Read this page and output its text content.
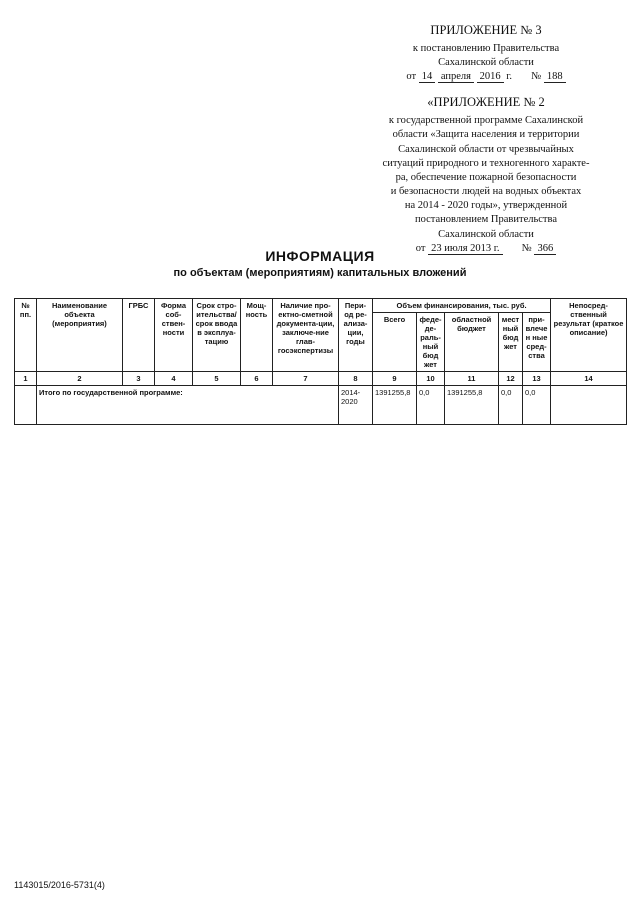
ПРИЛОЖЕНИЕ № 3
к постановлению Правительства
Сахалинской области
от 14 апреля 2016 г. № 188
«ПРИЛОЖЕНИЕ № 2
к государственной программе Сахалинской
области «Защита населения и территории
Сахалинской области от чрезвычайных
ситуаций природного и техногенного характе-
ра, обеспечение пожарной безопасности
и безопасности людей на водных объектах
на 2014 - 2020 годы», утвержденной
постановлением Правительства
Сахалинской области
от 23 июля 2013 г. № 366
ИНФОРМАЦИЯ
по объектам (мероприятиям) капитальных вложений
№ пп.	Наименование объекта (мероприятия)	ГРБС	Форма соб-ствен-ности	Срок стро-ительства/ срок ввода в эксплуа-тацию	Мощ-ность	Наличие про-ектно-сметной документа-ции, заключе-ние глав-госэкспертизы	Пери-од ре-ализа-ции, годы	Объем финансирования, тыс. руб.					Непосред-ственный результат (краткое описание)
								Всего	феде-де-раль-ный бюд жет	областной бюджет	мест ный бюд жет	при-влечен ные сред-ства	
1	2	3	4	5	6	7	8	9	10	11	12	13	14
	Итого по государственной программе:						2014-2020	1391255,8	0,0	1391255,8	0,0	0,0	
1143015/2016-5731(4)
